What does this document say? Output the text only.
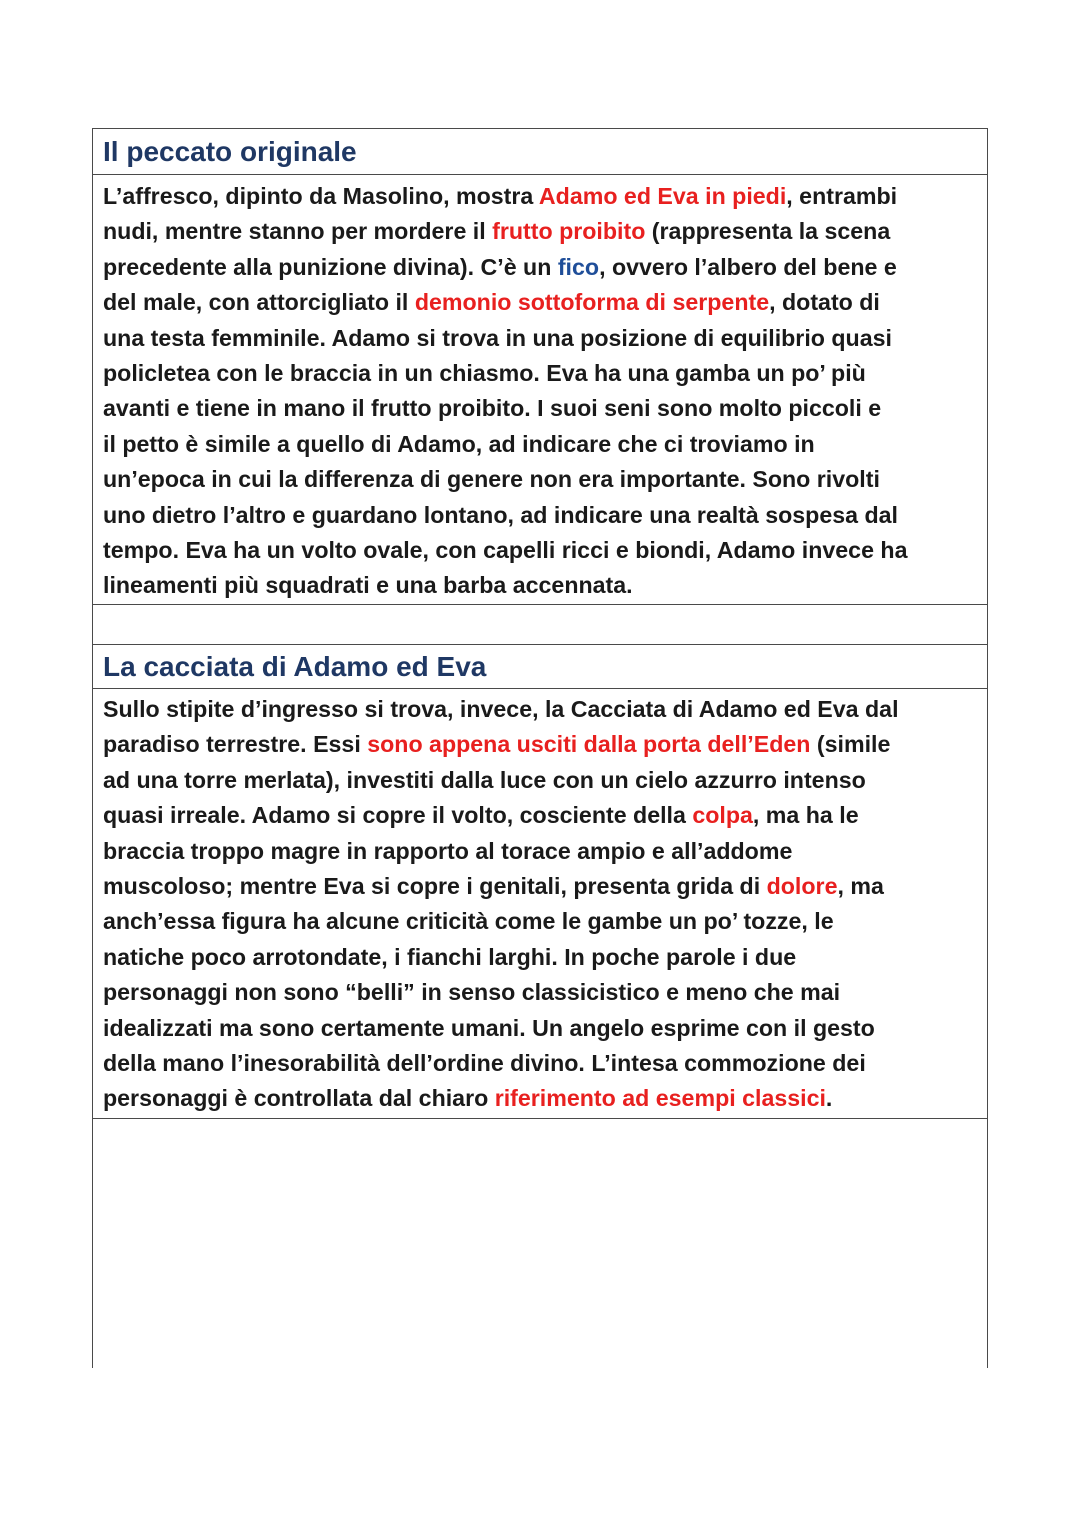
Il peccato originale
L’affresco, dipinto da Masolino, mostra Adamo ed Eva in piedi, entrambi
nudi, mentre stanno per mordere il frutto proibito (rappresenta la scena
precedente alla punizione divina). C’è un fico, ovvero l’albero del bene e
del male, con attorcigliato il demonio sottoforma di serpente, dotato di
una testa femminile. Adamo si trova in una posizione di equilibrio quasi
policletea con le braccia in un chiasmo. Eva ha una gamba un po’ più
avanti e tiene in mano il frutto proibito. I suoi seni sono molto piccoli e
il petto è simile a quello di Adamo, ad indicare che ci troviamo in
un’epoca in cui la differenza di genere non era importante. Sono rivolti
uno dietro l’altro e guardano lontano, ad indicare una realtà sospesa dal
tempo. Eva ha un volto ovale, con capelli ricci e biondi, Adamo invece ha
lineamenti più squadrati e una barba accennata.
La cacciata di Adamo ed Eva
Sullo stipite d’ingresso si trova, invece, la Cacciata di Adamo ed Eva dal
paradiso terrestre. Essi sono appena usciti dalla porta dell’Eden (simile
ad una torre merlata), investiti dalla luce con un cielo azzurro intenso
quasi irreale. Adamo si copre il volto, cosciente della colpa, ma ha le
braccia troppo magre in rapporto al torace ampio e all’addome
muscoloso; mentre Eva si copre i genitali, presenta grida di dolore, ma
anch’essa figura ha alcune criticità come le gambe un po’ tozze, le
natiche poco arrotondate, i fianchi larghi. In poche parole i due
personaggi non sono “belli” in senso classicistico e meno che mai
idealizzati ma sono certamente umani. Un angelo esprime con il gesto
della mano l’inesorabilità dell’ordine divino. L’intesa commozione dei
personaggi è controllata dal chiaro riferimento ad esempi classici.
